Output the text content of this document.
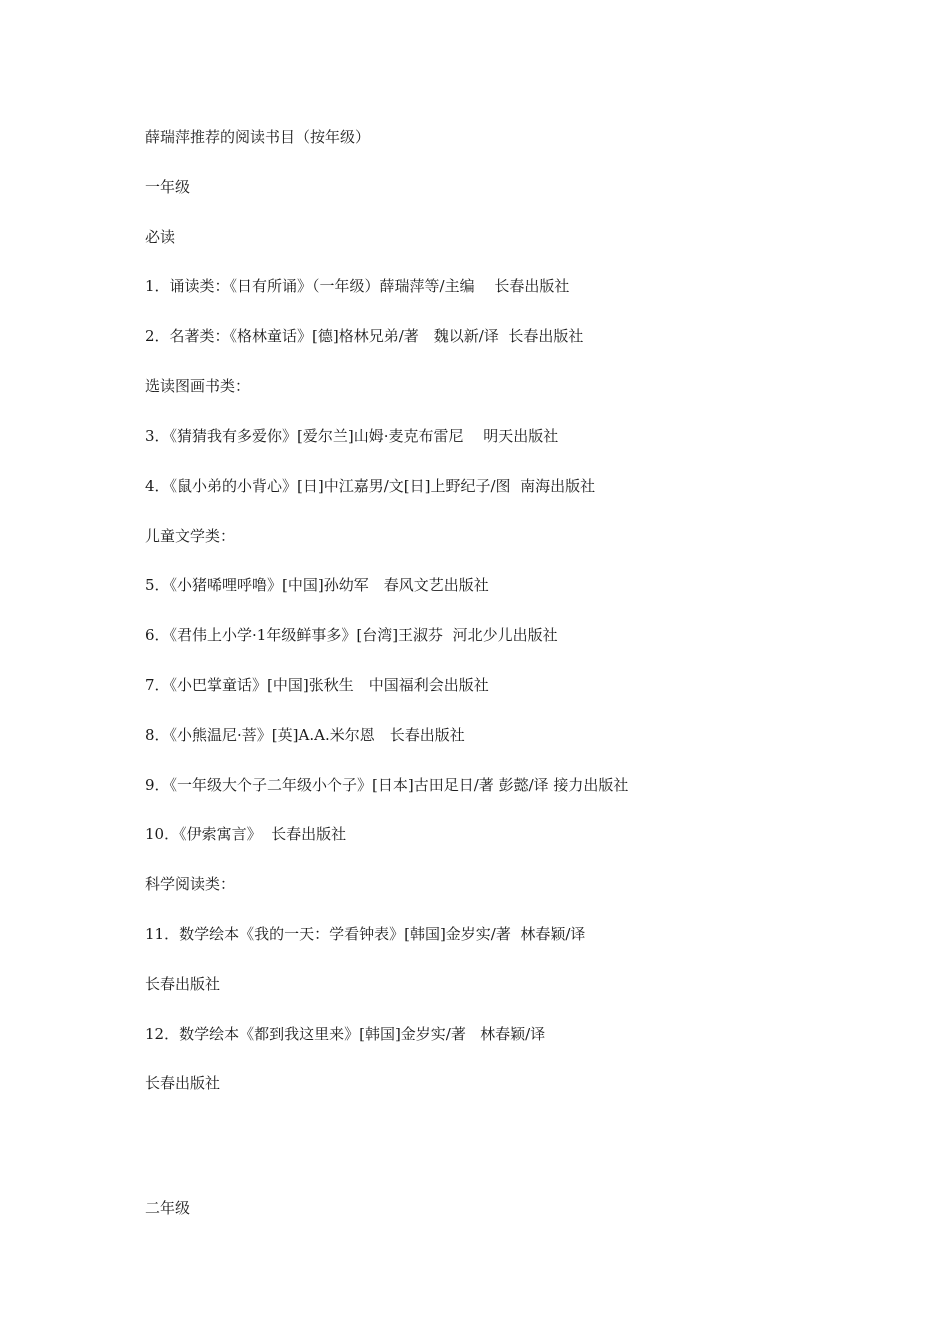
薛瑞萍推荐的阅读书目（按年级）
一年级
必读
1．诵读类：《日有所诵》（一年级）薛瑞萍等/主编　 长春出版社
2．名著类：《格林童话》[德]格林兄弟/著　魏以新/译  长春出版社
选读图画书类：
3．《猜猜我有多爱你》[爱尔兰]山姆·麦克布雷尼　 明天出版社
4．《鼠小弟的小背心》[日]中江嘉男/文[日]上野纪子/图  南海出版社
儿童文学类：
5．《小猪唏哩呼噜》[中国]孙幼军　春风文艺出版社
6．《君伟上小学·1年级鲜事多》[台湾]王淑芬  河北少儿出版社
7．《小巴掌童话》[中国]张秋生　中国福利会出版社
8．《小熊温尼·菩》[英]A.A.米尔恩　长春出版社
9．《一年级大个子二年级小个子》[日本]古田足日/著 彭懿/译 接力出版社
10．《伊索寓言》  长春出版社
科学阅读类：
11．数学绘本《我的一天：学看钟表》[韩国]金岁实/著  林春颖/译
长春出版社
12．数学绘本《都到我这里来》[韩国]金岁实/著   林春颖/译
长春出版社
二年级
